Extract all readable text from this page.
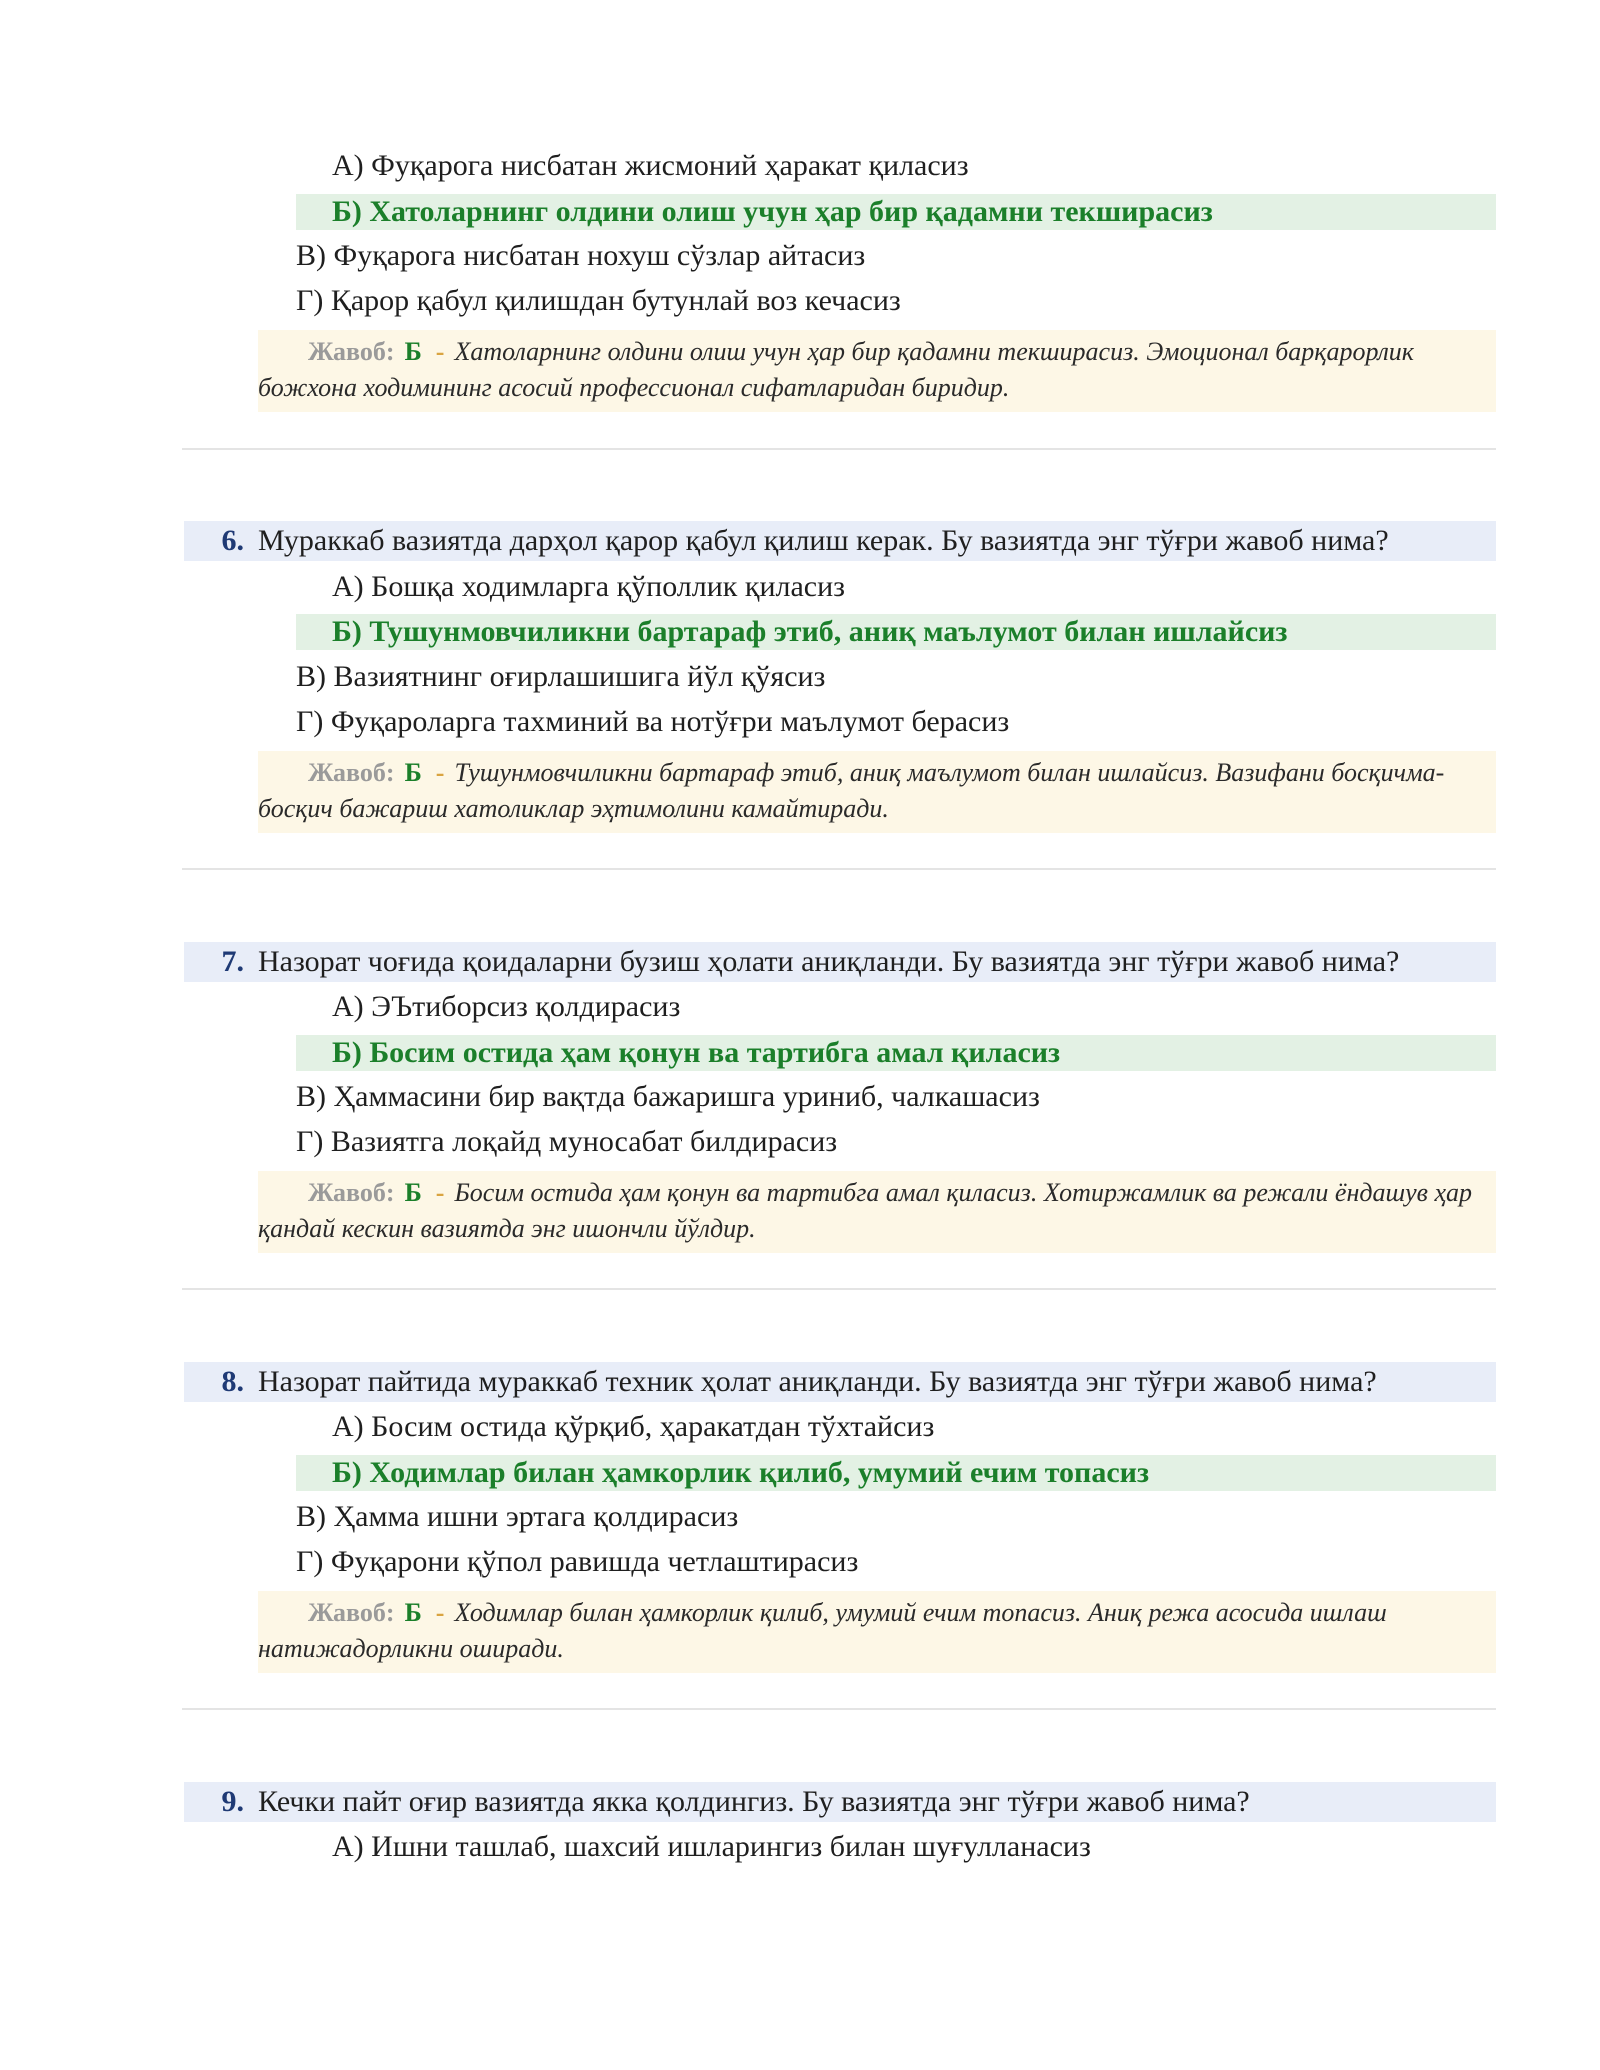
А) Фуқарога нисбатан жисмоний ҳаракат қиласиз
Б) Хатоларнинг олдини олиш учун ҳар бир қадамни текширасиз
В) Фуқарога нисбатан нохуш сўзлар айтасиз
Г) Қарор қабул қилишдан бутунлай воз кечасиз
Жавоб: Б - Хатоларнинг олдини олиш учун ҳар бир қадамни текширасиз. Эмоционал барқарорлик божхона ходимининг асосий профессионал сифатларидан биридир.
6. Мураккаб вазиятда дарҳол қарор қабул қилиш керак. Бу вазиятда энг тўғри жавоб нима?
А) Бошқа ходимларга қўполлик қиласиз
Б) Тушунмовчиликни бартараф этиб, аниқ маълумот билан ишлайсиз
В) Вазиятнинг оғирлашишига йўл қўясиз
Г) Фуқароларга тахминий ва нотўғри маълумот берасиз
Жавоб: Б - Тушунмовчиликни бартараф этиб, аниқ маълумот билан ишлайсиз. Вазифани босқичма-босқич бажариш хатоликлар эҳтимолини камайтиради.
7. Назорат чоғида қоидаларни бузиш ҳолати аниқланди. Бу вазиятда энг тўғри жавоб нима?
А) ЭЪтиборсиз қолдирасиз
Б) Босим остида ҳам қонун ва тартибга амал қиласиз
В) Ҳаммасини бир вақтда бажаришга уриниб, чалкашасиз
Г) Вазиятга лоқайд муносабат билдирасиз
Жавоб: Б - Босим остида ҳам қонун ва тартибга амал қиласиз. Хотиржамлик ва режали ёндашув ҳар қандай кескин вазиятда энг ишончли йўлдир.
8. Назорат пайтида мураккаб техник ҳолат аниқланди. Бу вазиятда энг тўғри жавоб нима?
А) Босим остида қўрқиб, ҳаракатдан тўхтайсиз
Б) Ходимлар билан ҳамкорлик қилиб, умумий ечим топасиз
В) Ҳамма ишни эртага қолдирасиз
Г) Фуқарони қўпол равишда четлаштирасиз
Жавоб: Б - Ходимлар билан ҳамкорлик қилиб, умумий ечим топасиз. Аниқ режа асосида ишлаш натижадорликни оширади.
9. Кечки пайт оғир вазиятда якка қолдингиз. Бу вазиятда энг тўғри жавоб нима?
А) Ишни ташлаб, шахсий ишларингиз билан шуғулланасиз
